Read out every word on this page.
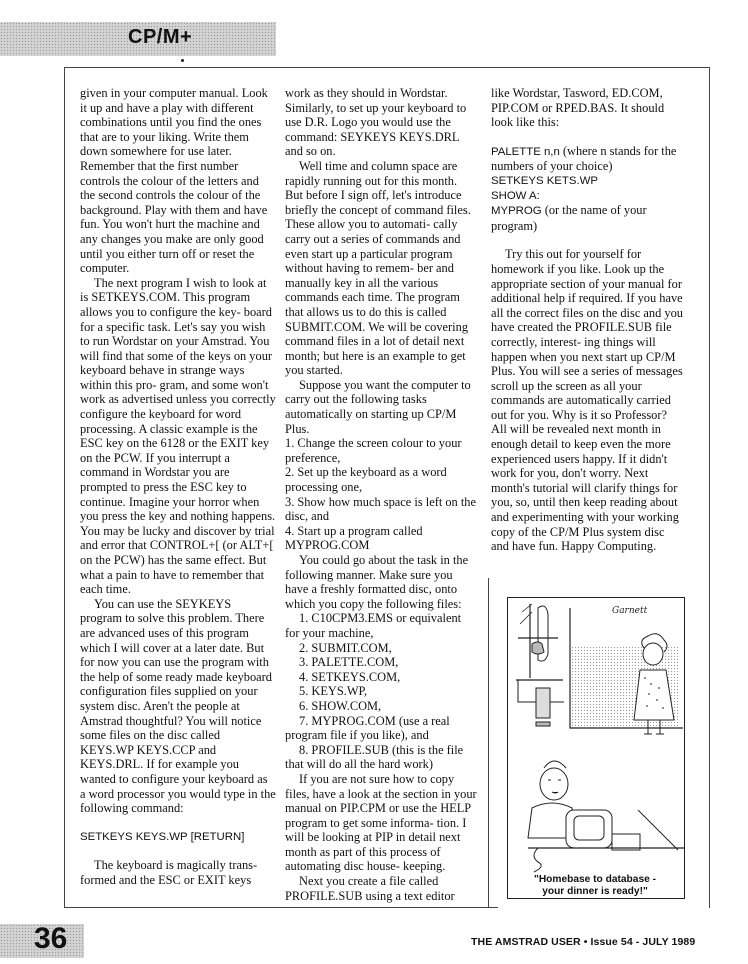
CP/M+

given in your computer manual. Look it up and have a play with different combinations until you find the ones that are to your liking. Write them down somewhere for use later. Remember that the first number controls the colour of the letters and the second controls the colour of the background. Play with them and have fun. You won't hurt the machine and any changes you make are only good until you either turn off or reset the computer.

The next program I wish to look at is SETKEYS.COM. This program allows you to configure the key- board for a specific task. Let's say you wish to run Wordstar on your Amstrad. You will find that some of the keys on your keyboard behave in strange ways within this pro- gram, and some won't work as advertised unless you correctly configure the keyboard for word processing. A classic example is the ESC key on the 6128 or the EXIT key on the PCW. If you interrupt a command in Wordstar you are prompted to press the ESC key to continue. Imagine your horror when you press the key and nothing happens. You may be lucky and discover by trial and error that CONTROL+[ (or ALT+[ on the PCW) has the same effect. But what a pain to have to remember that each time.

You can use the SEYKEYS program to solve this problem. There are advanced uses of this program which I will cover at a later date. But for now you can use the program with the help of some ready made keyboard configuration files supplied on your system disc. Aren't the people at Amstrad thoughtful? You will notice some files on the disc called KEYS.WP KEYS.CCP and KEYS.DRL. If for example you wanted to configure your keyboard as a word processor you would type in the following command:

SETKEYS KEYS.WP [RETURN]

The keyboard is magically trans- formed and the ESC or EXIT keys

work as they should in Wordstar. Similarly, to set up your keyboard to use D.R. Logo you would use the command: SEYKEYS KEYS.DRL and so on.

Well time and column space are rapidly running out for this month. But before I sign off, let's introduce briefly the concept of command files. These allow you to automati- cally carry out a series of commands and even start up a particular program without having to remem- ber and manually key in all the various commands each time. The program that allows us to do this is called SUBMIT.COM. We will be covering command files in a lot of detail next month; but here is an example to get you started.

Suppose you want the computer to carry out the following tasks automatically on starting up CP/M Plus.

1. Change the screen colour to your preference,

2. Set up the keyboard as a word processing one,

3. Show how much space is left on the disc, and

4. Start up a program called MYPROG.COM

You could go about the task in the following manner. Make sure you have a freshly formatted disc, onto which you copy the following files:

1. C10CPM3.EMS or equivalent for your machine,

2. SUBMIT.COM,

3. PALETTE.COM,

4. SETKEYS.COM,

5. KEYS.WP,

6. SHOW.COM,

7. MYPROG.COM (use a real program file if you like), and

8. PROFILE.SUB (this is the file that will do all the hard work)

If you are not sure how to copy files, have a look at the section in your manual on PIP.CPM or use the HELP program to get some informa- tion. I will be looking at PIP in detail next month as part of this process of automating disc house- keeping.

Next you create a file called PROFILE.SUB using a text editor

like Wordstar, Tasword, ED.COM, PIP.COM or RPED.BAS. It should look like this:

PALETTE n,n (where n stands for the numbers of your choice)

SETKEYS KETS.WP

SHOW A:

MYPROG (or the name of your program)

Try this out for yourself for homework if you like. Look up the appropriate section of your manual for additional help if required. If you have all the correct files on the disc and you have created the PROFILE.SUB file correctly, interest- ing things will happen when you next start up CP/M Plus. You will see a series of messages scroll up the screen as all your commands are automatically carried out for you. Why is it so Professor? All will be revealed next month in enough detail to keep even the more experienced users happy. If it didn't work for you, don't worry. Next month's tutorial will clarify things for you, so, until then keep reading about and experimenting with your working copy of the CP/M Plus system disc and have fun. Happy Computing.

"Homebase to database -
your dinner is ready!"
Garnett
36	THE AMSTRAD USER • Issue 54 - JULY 1989
